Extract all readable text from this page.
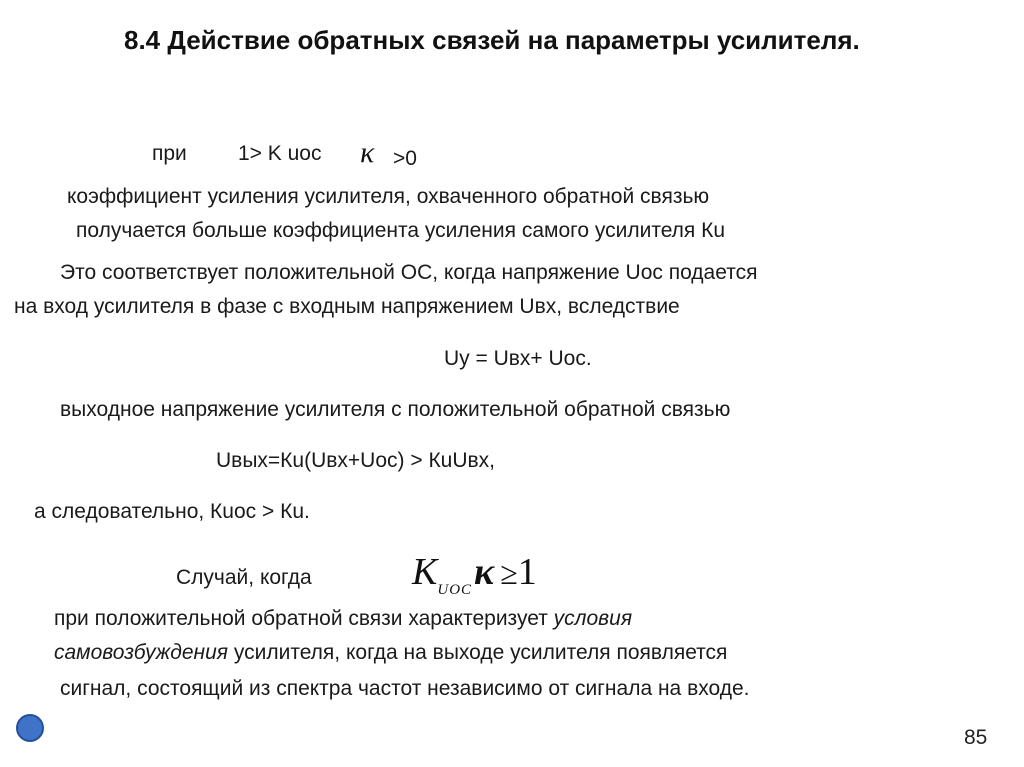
8.4 Действие обратных связей на параметры усилителя.
при 1> K uoc κ >0
коэффициент усиления усилителя, охваченного обратной связью
получается больше коэффициента усиления самого усилителя Кu
Это соответствует положительной ОС, когда напряжение Uос подается
на вход усилителя в фазе с входным напряжением Uвх, вследствие
Uу = Uвх+ Uос.
выходное напряжение усилителя с положительной обратной связью
Uвых=Кu(Uвх+Uос) > КuUвх,
а следовательно, Кuос > Кu.
Случай, когда	$K_{UOC}\kappa \ge 1$
при положительной обратной связи характеризует условия
самовозбуждения усилителя, когда на выходе усилителя появляется
сигнал, состоящий из спектра частот независимо от сигнала на входе.
85
